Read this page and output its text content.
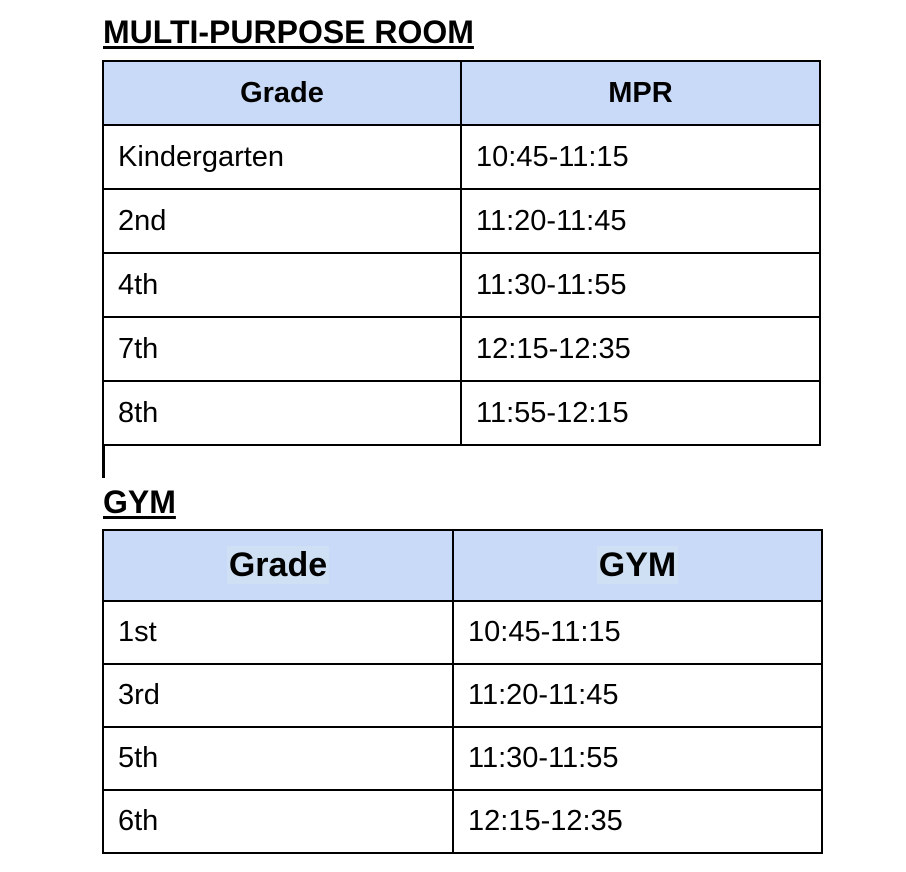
MULTI-PURPOSE ROOM
Grade	MPR
Kindergarten	10:45-11:15
2nd	11:20-11:45
4th	11:30-11:55
7th	12:15-12:35
8th	11:55-12:15
GYM
Grade	GYM
1st	10:45-11:15
3rd	11:20-11:45
5th	11:30-11:55
6th	12:15-12:35
